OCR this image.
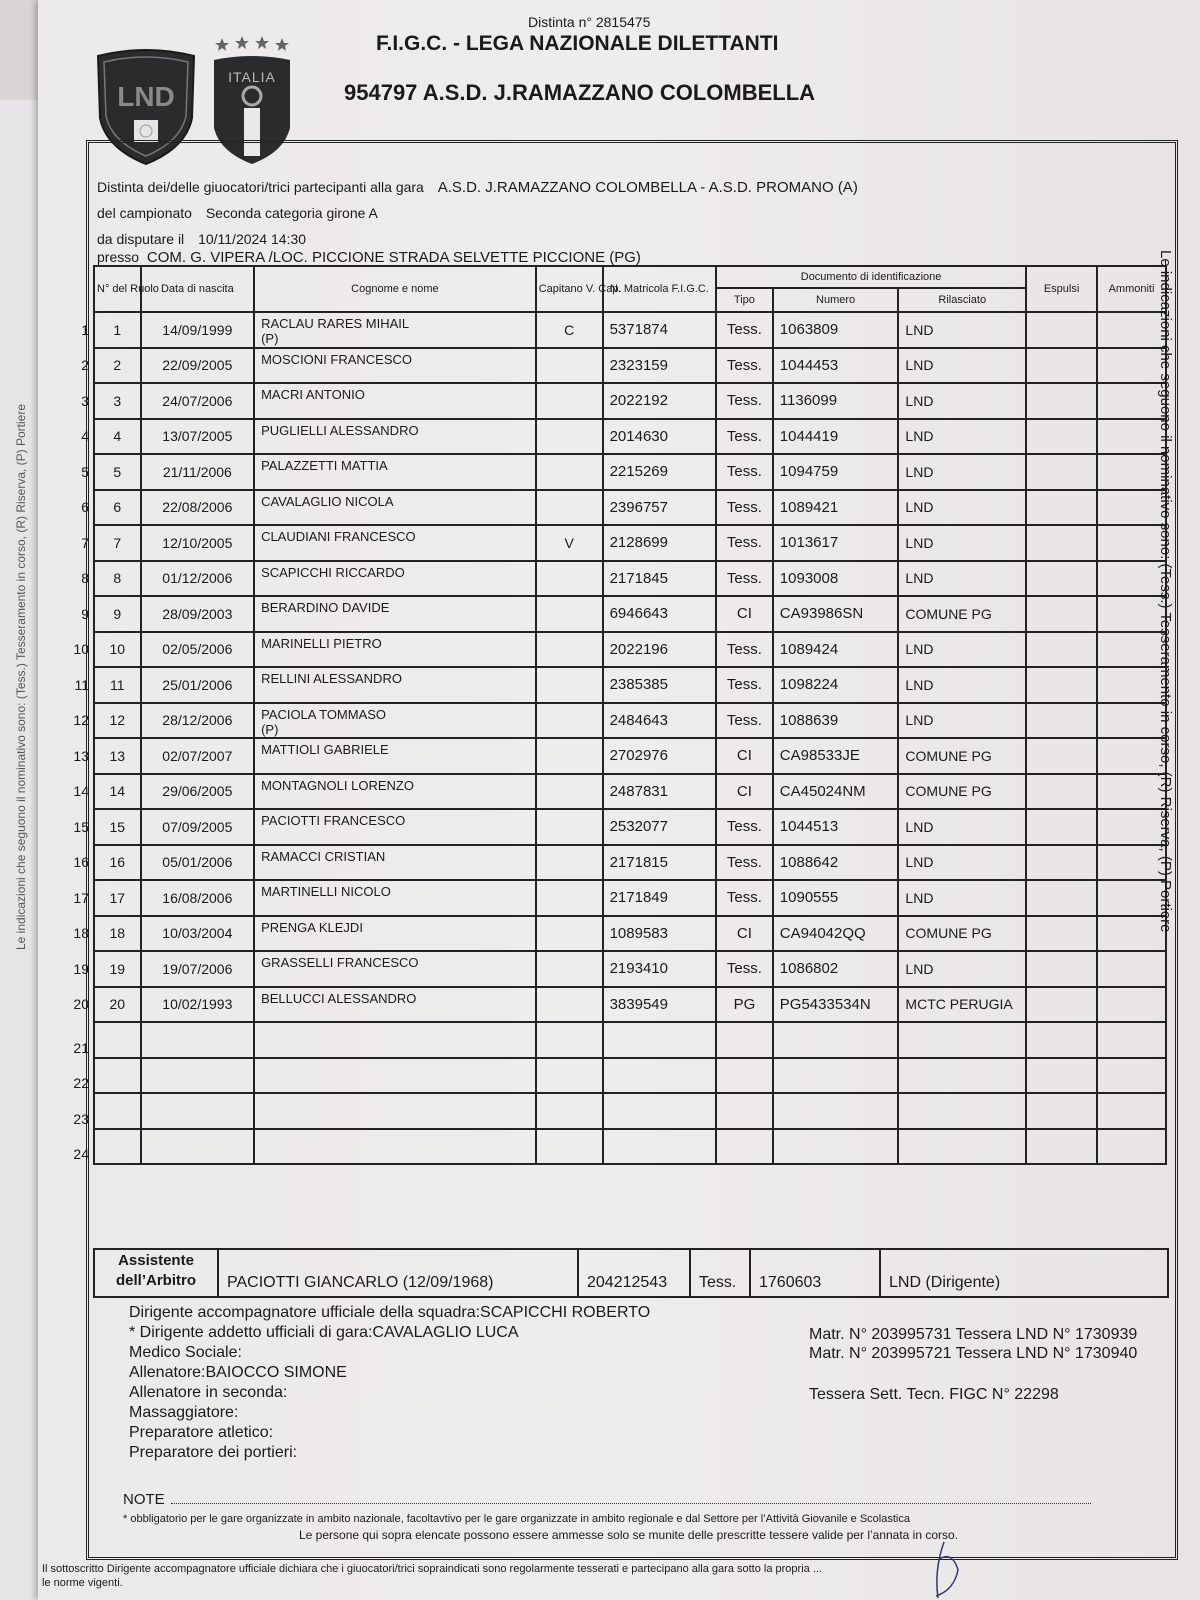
Le indicazioni che seguono il nominativo sono: (Tess.) Tesseramento in corso, (R) Riserva, (P) Portiere
LND
ITALIA
Distinta n° 2815475
F.I.G.C. - LEGA NAZIONALE DILETTANTI
954797 A.S.D. J.RAMAZZANO COLOMBELLA
Distinta dei/delle giuocatori/trici partecipanti alla gara A.S.D. J.RAMAZZANO COLOMBELLA - A.S.D. PROMANO (A)
del campionato Seconda categoria girone A
da disputare il 10/11/2024 14:30
presso COM. G. VIPERA /LOC. PICCIONE STRADA SELVETTE PICCIONE (PG)
N° del Ruolo	Data di nascita	Cognome e nome	Capitano V. Cap.	N. Matricola F.I.G.C.	Documento di identificazione			Espulsi	Ammoniti
					Tipo	Numero	Rilasciato		

1 1	14/09/1999	RACLAU RARES MIHAIL
(P)	C	5371874	Tess.	1063809	LND		

2 2	22/09/2005	MOSCIONI FRANCESCO		2323159	Tess.	1044453	LND		

3 3	24/07/2006	MACRI ANTONIO		2022192	Tess.	1136099	LND		

4 4	13/07/2005	PUGLIELLI ALESSANDRO		2014630	Tess.	1044419	LND		

5 5	21/11/2006	PALAZZETTI MATTIA		2215269	Tess.	1094759	LND		

6 6	22/08/2006	CAVALAGLIO NICOLA		2396757	Tess.	1089421	LND		

7 7	12/10/2005	CLAUDIANI FRANCESCO	V	2128699	Tess.	1013617	LND		

8 8	01/12/2006	SCAPICCHI RICCARDO		2171845	Tess.	1093008	LND		

9 9	28/09/2003	BERARDINO DAVIDE		6946643	CI	CA93986SN	COMUNE PG		

10 10	02/05/2006	MARINELLI PIETRO		2022196	Tess.	1089424	LND		

11 11	25/01/2006	RELLINI ALESSANDRO		2385385	Tess.	1098224	LND		

12 12	28/12/2006	PACIOLA TOMMASO
(P)		2484643	Tess.	1088639	LND		

13 13	02/07/2007	MATTIOLI GABRIELE		2702976	CI	CA98533JE	COMUNE PG		

14 14	29/06/2005	MONTAGNOLI LORENZO		2487831	CI	CA45024NM	COMUNE PG		

15 15	07/09/2005	PACIOTTI FRANCESCO		2532077	Tess.	1044513	LND		

16 16	05/01/2006	RAMACCI CRISTIAN		2171815	Tess.	1088642	LND		

17 17	16/08/2006	MARTINELLI NICOLO		2171849	Tess.	1090555	LND		

18 18	10/03/2004	PRENGA KLEJDI		1089583	CI	CA94042QQ	COMUNE PG		

19 19	19/07/2006	GRASSELLI FRANCESCO		2193410	Tess.	1086802	LND		

20 20	10/02/1993	BELLUCCI ALESSANDRO		3839549	PG	PG5433534N	MCTC PERUGIA		

21									

22									

23									

24									

Assistente dell’Arbitro	PACIOTTI GIANCARLO (12/09/1968)	204212543	Tess.	1760603	LND (Dirigente)
Dirigente accompagnatore ufficiale della squadra:SCAPICCHI ROBERTO
* Dirigente addetto ufficiali di gara:CAVALAGLIO LUCA
Medico Sociale:
Allenatore:BAIOCCO SIMONE
Allenatore in seconda:
Massaggiatore:
Preparatore atletico:
Preparatore dei portieri:
Matr. N° 203995731 Tessera LND N° 1730939
Matr. N° 203995721 Tessera LND N° 1730940
Tessera Sett. Tecn. FIGC N° 22298
NOTE
* obbligatorio per le gare organizzate in ambito nazionale, facoltavtivo per le gare organizzate in ambito regionale e dal Settore per l’Attività Giovanile e Scolastica
Le persone qui sopra elencate possono essere ammesse solo se munite delle prescritte tessere valide per l’annata in corso.
Il sottoscritto Dirigente accompagnatore ufficiale dichiara che i giuocatori/trici sopraindicati sono regolarmente tesserati e partecipano alla gara sotto la propria ...
le norme vigenti.
Le indicazioni che seguono il nominativo sono: (Tess.) Tesseramento in corso, (R) Riserva, (P) Portiere
